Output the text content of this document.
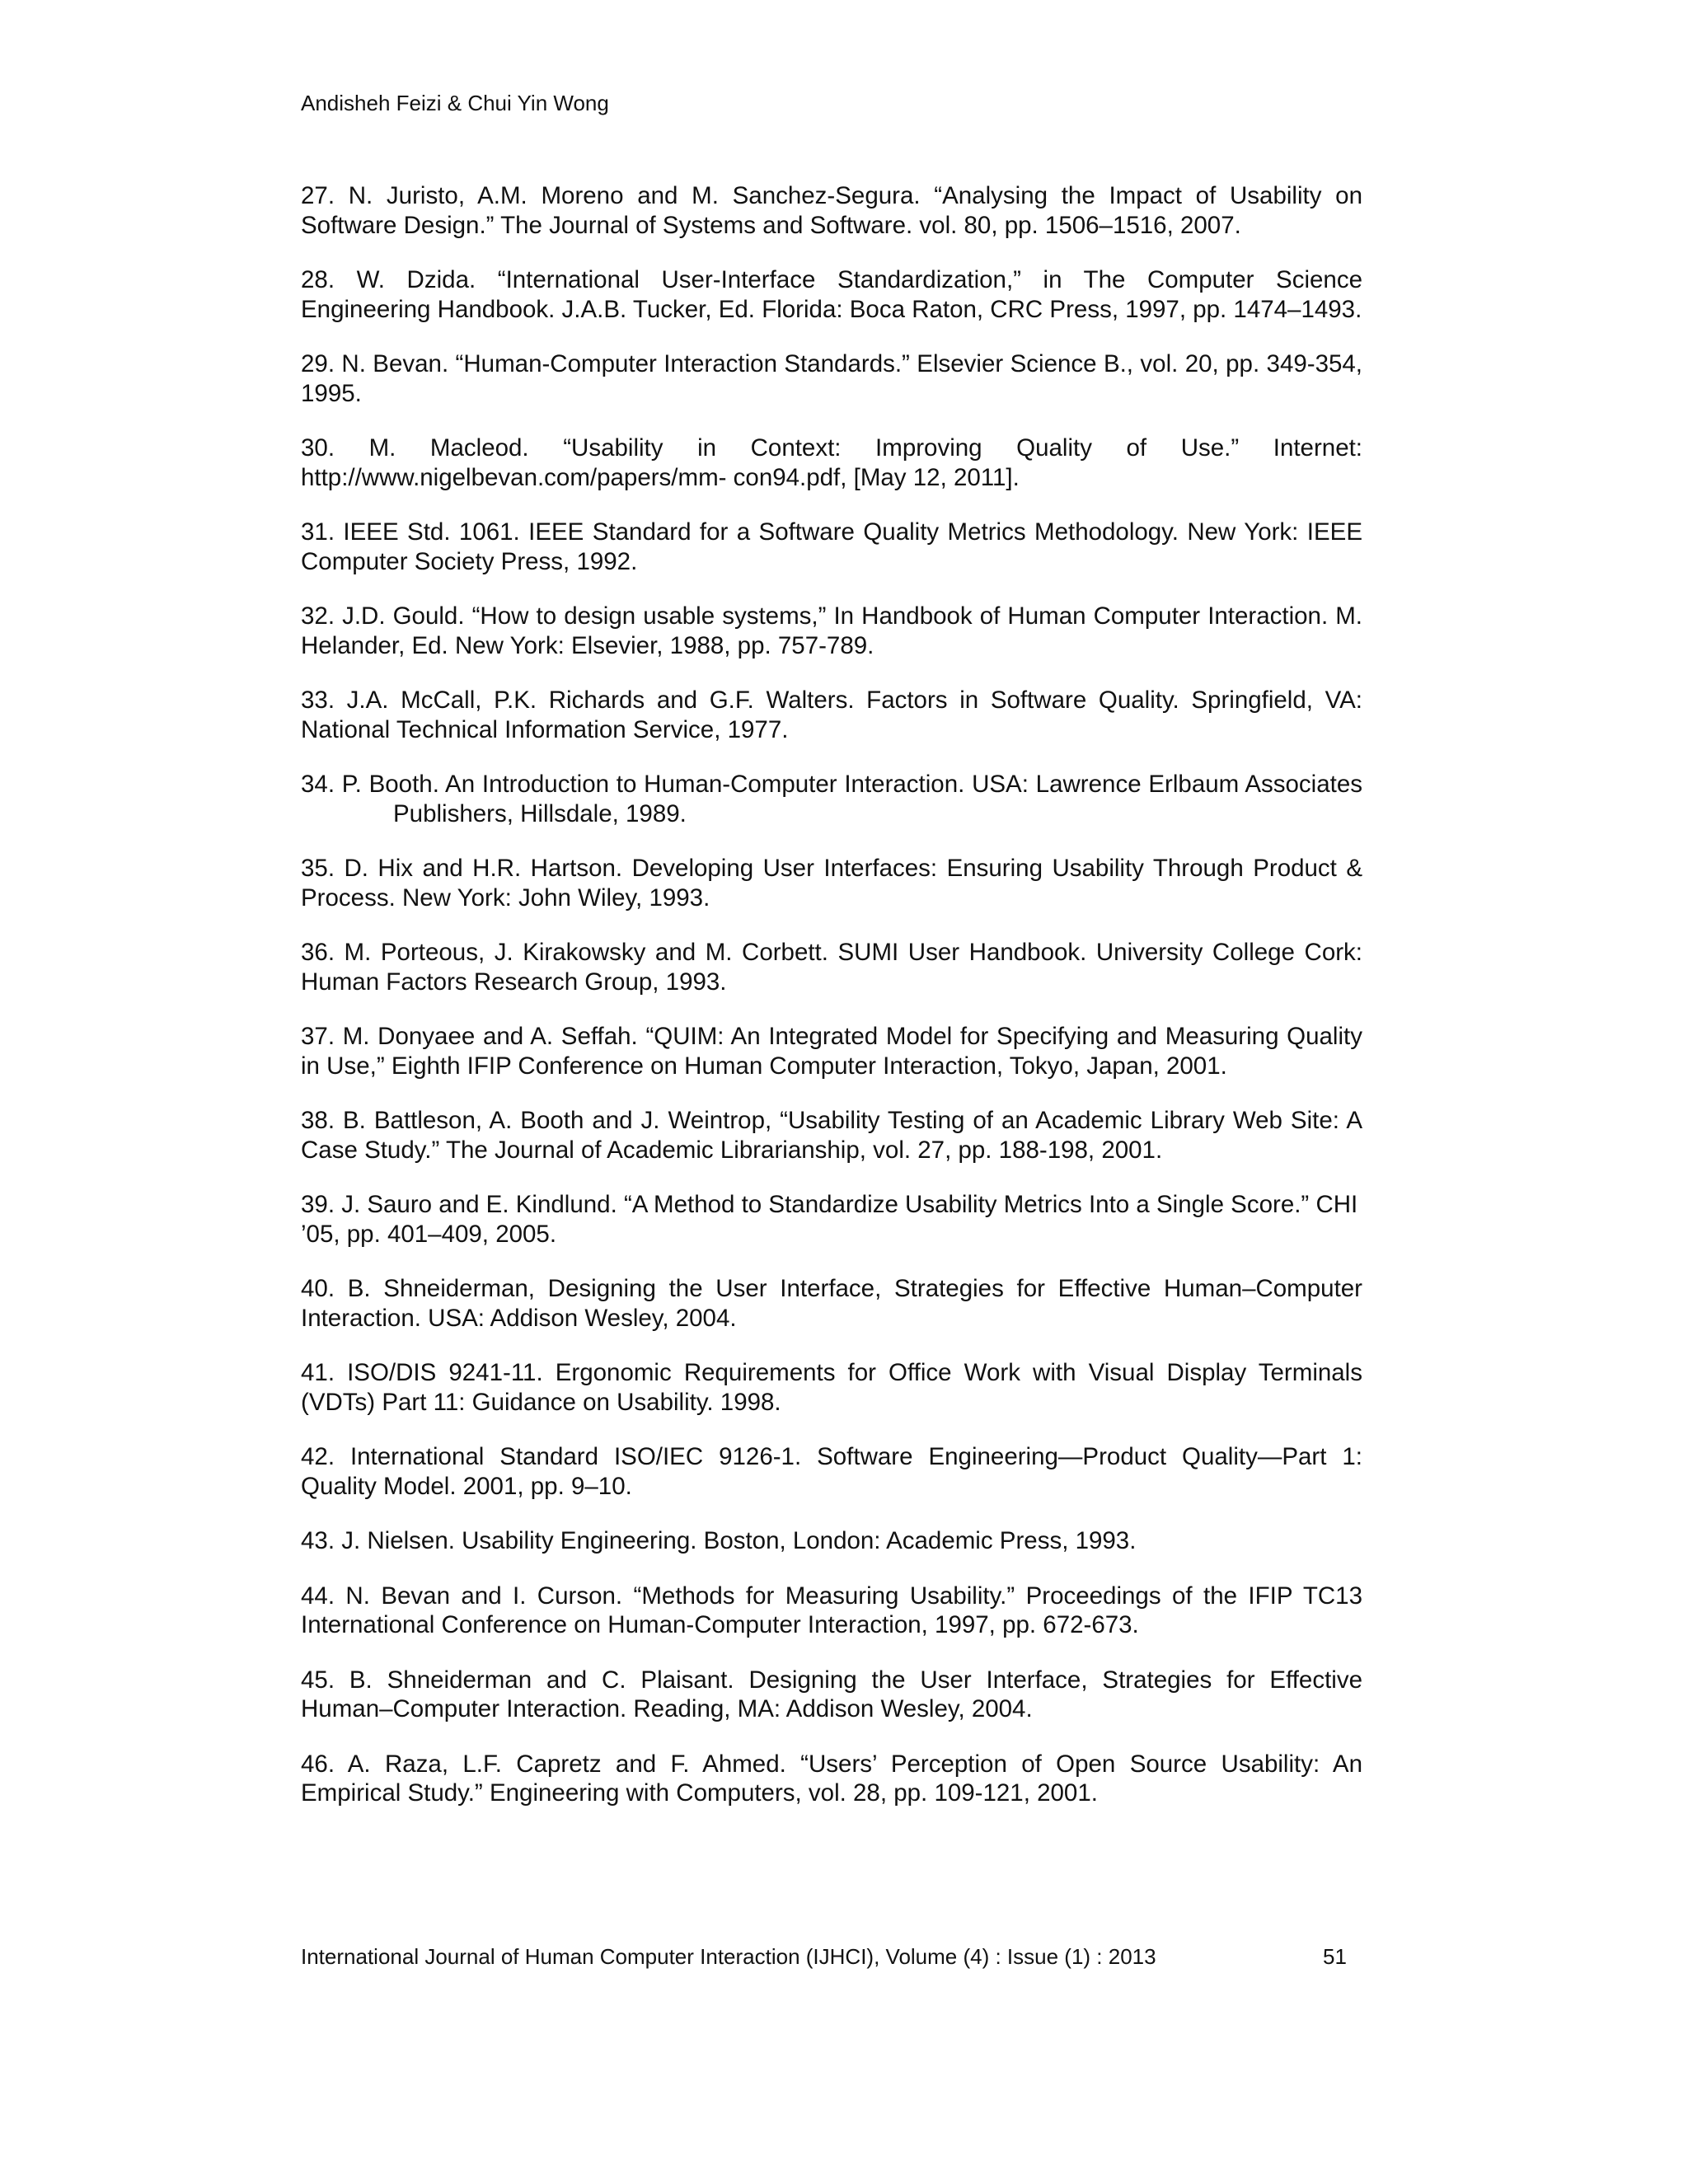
Andisheh Feizi & Chui Yin Wong

27. N. Juristo, A.M. Moreno and M. Sanchez-Segura. “Analysing the Impact of Usability on Software Design.” The Journal of Systems and Software. vol. 80, pp. 1506–1516, 2007.

28. W. Dzida. “International User-Interface Standardization,” in The Computer Science Engineering Handbook. J.A.B. Tucker, Ed. Florida: Boca Raton, CRC Press, 1997, pp. 1474–1493.

29. N. Bevan. “Human-Computer Interaction Standards.” Elsevier Science B., vol. 20, pp. 349-354, 1995.

30. M. Macleod. “Usability in Context: Improving Quality of Use.” Internet: http://www.nigelbevan.com/papers/mm- con94.pdf, [May 12, 2011].

31. IEEE Std. 1061. IEEE Standard for a Software Quality Metrics Methodology. New York: IEEE Computer Society Press, 1992.

32. J.D. Gould. “How to design usable systems,” In Handbook of Human Computer Interaction. M. Helander, Ed. New York: Elsevier, 1988, pp. 757-789.

33. J.A. McCall, P.K. Richards and G.F. Walters. Factors in Software Quality. Springfield, VA: National Technical Information Service, 1977.

34. P. Booth. An Introduction to Human-Computer Interaction. USA: Lawrence Erlbaum Associates Publishers, Hillsdale, 1989.

35. D. Hix and H.R. Hartson. Developing User Interfaces: Ensuring Usability Through Product & Process. New York: John Wiley, 1993.

36. M. Porteous, J. Kirakowsky and M. Corbett. SUMI User Handbook. University College Cork: Human Factors Research Group, 1993.

37. M. Donyaee and A. Seffah. “QUIM: An Integrated Model for Specifying and Measuring Quality in Use,” Eighth IFIP Conference on Human Computer Interaction, Tokyo, Japan, 2001.

38. B. Battleson, A. Booth and J. Weintrop, “Usability Testing of an Academic Library Web Site: A Case Study.” The Journal of Academic Librarianship, vol. 27, pp. 188-198, 2001.

39. J. Sauro and E. Kindlund. “A Method to Standardize Usability Metrics Into a Single Score.” CHI ’05, pp. 401–409, 2005.

40. B. Shneiderman, Designing the User Interface, Strategies for Effective Human–Computer Interaction. USA: Addison Wesley, 2004.

41. ISO/DIS 9241-11. Ergonomic Requirements for Office Work with Visual Display Terminals (VDTs) Part 11: Guidance on Usability. 1998.

42. International Standard ISO/IEC 9126-1. Software Engineering—Product Quality—Part 1: Quality Model. 2001, pp. 9–10.

43. J. Nielsen. Usability Engineering. Boston, London: Academic Press, 1993.

44. N. Bevan and I. Curson. “Methods for Measuring Usability.” Proceedings of the IFIP TC13 International Conference on Human-Computer Interaction, 1997, pp. 672-673.

45. B. Shneiderman and C. Plaisant. Designing the User Interface, Strategies for Effective Human–Computer Interaction. Reading, MA: Addison Wesley, 2004.

46. A. Raza, L.F. Capretz and F. Ahmed. “Users’ Perception of Open Source Usability: An Empirical Study.” Engineering with Computers, vol. 28, pp. 109-121, 2001.

International Journal of Human Computer Interaction (IJHCI), Volume (4) : Issue (1) : 2013	51
